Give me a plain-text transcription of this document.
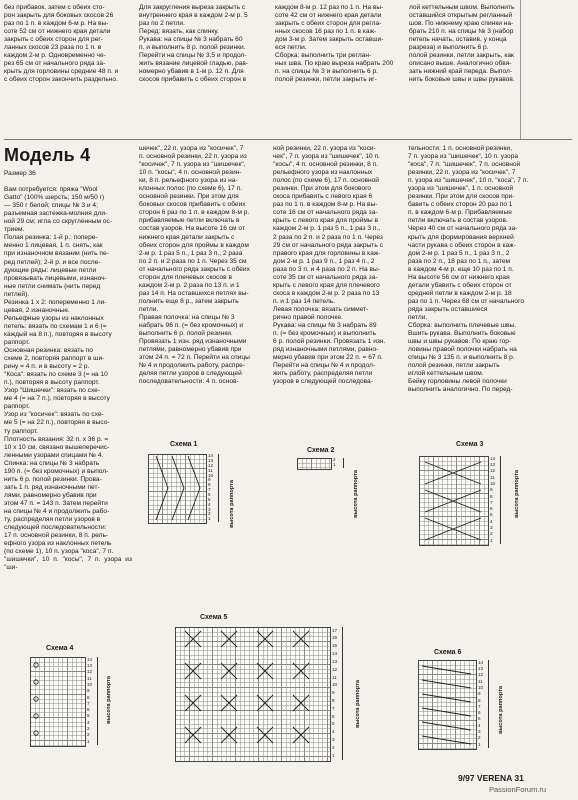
без прибавок, затем с обеих сто-
рон закрыть для боковых скосов 26
раз по 1 п. в каждом 6-м р. На вы-
соте 52 см от нижнего края детали
закрыть с обеих сторон для рег-
ланных скосов 23 раза по 1 п. в
каждом 2-м р. Одновременно че-
рез 65 см от начального ряда за-
крыть для горловины средние 48 п. и
с обеих сторон закончить раздельно.
Для закругления выреза закрыть с
внутреннего края в каждом 2-м р. 5
раз по 2 петли.
Перед: вязать, как спинку.
Рукава: на спицы № 3 набрать 60
п. и выполнить 8 р. полой резинки.
Перейти на спицы № 3,5 и продол-
жить вязание лицевой гладью, рав-
номерно убавив в 1-м р. 12 п. Для
скосов прибавить с обеих сторон в
каждом 8-м р. 12 раз по 1 п. На вы-
соте 42 см от нижнего края детали
закрыть с обеих сторон для регла-
нных скосов 16 раз по 1 п. в каж-
дом 3-м р. Затем закрыть оставши-
еся петли.
Сборка: выполнить три реглан-
ных шва. По краю выреза набрать 200
п. на спицы № 3 и выполнить 6 р.
полой резинки, петли закрыть иг-
лой кеттельным швом. Выполнить
оставшийся открытым регланный
шов. По нижнему краю спинки на-
брать 210 п. на спицы № 3 (набор
петель начать, оставив, у конца
разреза) и выполнить 6 р.
полой резинки, петли закрыть, как
описано выше. Аналогично обвя-
зать нижний край переда. Выпол-
нить боковые швы и швы рукавов.
Модель 4
Размер 36

Вам потребуется: пряжа "Wool
Gatto" (100% шерсть; 150 м/50 г)
— 350 г белой; спицы № 3 и 4;
разъемная застежка-молния дли-
ной 29 см; игла со скругленным ос-
трием.
Полая резинка: 1-й р.: попере-
менно 1 лицевая, 1 п. снять, как
при изнаночном вязании (нить пе-
ред петлей); 2-й р. и все после-
дующие ряды: лицевые петли
провязывать лицевыми, изнаноч-
ные петли снимать (нить перед
петлей).
Резинка 1 х 2: попеременно 1 ли-
цевая, 2 изнаночные.
Рельефные узоры из наклонных
петель: вязать по схемам 1 и 6 (=
каждый на 8 п.), повторяя в высоту
раппорт.
Основная резинка: вязать по
схеме 2, повторяя раппорт в ши-
рину = 4 п. и в высоту = 2 р.
"Коса": вязать по схеме 3 (= на 10
п.), повторяя в высоту раппорт.
Узор "Шишечки": вязать по схе-
ме 4 (= на 7 п.), повторяя в высоту
раппорт.
Узор из "косичек": вязать по схе-
ме 5 (= на 22 п.), повторяя в высо-
ту раппорт.
Плотность вязания: 32 п. х 36 р. =
10 х 10 см, связано вышеперечис-
ленными узорами спицами № 4.
Спинка: на спицы № 3 набрать
190 п. (= без кромочных) и выпол-
нить 6 р. полой резинки. Прова-
зать 1 п. ряд изнаночными пет-
лями, равномерно убавив при
этом 47 п. = 143 п. Затем перейти
на спицы № 4 и продолжить рабо-
ту, распределяя петли узоров в
следующей последовательности:
17 п. основной резинки, 8 п. рель-
ефного узора из наклонных петель
(по схеме 1), 10 п. узора "коса", 7 п.
"шишечки", 10 п. "косы", 7 п. узора из "ши-
шечек", 22 п. узора из "косичек", 7
п. основной резинки, 22 п. узора из
"косичек", 7 п. узора из "шишечек",
10 п. "косы", 4 п. основной резин-
ки, 8 п. рельефного узора из на-
клонных полос (по схеме 6), 17 п.
основной резинки. При этом для
боковых скосов прибавить с обеих
сторон 6 раз по 1 п. в каждом 8-м р.
прибавляемые петли включать в
состав узоров. На высоте 16 см от
нижнего края детали закрыть с
обеих сторон для проймы в каждом
2-м р. 1 раз 5 п., 1 раз 3 п., 2 раза
по 2 п. и 2 раза по 1 п. Через 35 см
от начального ряда закрыть с обеих
сторон для плечевых скосов в
каждом 2-м р. 2 раза по 13 п. и 1
раз 14 п. На оставшихся петлях вы-
полнить еще 8 р., затем закрыть
петли.
Правая полочка: на спицы № 3
набрать 96 п. (= без кромочных) и
выполнить 6 р. полой резинки.
Провязать 1 изн. ряд изнаночными
петлями, равномерно убавив при
этом 24 п. = 72 п. Перейти на спицы
№ 4 и продолжить работу, распре-
деляя петли узоров в следующей
последовательности: 4 п. основ-
ной резинки, 22 п. узора из "коси-
чек", 7 п. узора из "шишечек", 10 п.
"косы", 4 п. основной резинки, 8 п.
рельефного узора из наклонных
полос (по схеме 6), 17 п. основной
резинки. При этом для бокового
скоса прибавить с левого края 6
раз по 1 п. в каждом 8-м р. На вы-
соте 16 см от начального ряда за-
крыть с левого края для проймы в
каждом 2-м р. 1 раз 5 п., 1 раз 3 п.,
2 раза по 2 п. и 2 раза по 1 п. Через
29 см от начального ряда закрыть с
правого края для горловины в каж-
дом 2-м р. 1 раз 9 п., 1 раз 4 п., 2
раза по 3 п. и 4 раза по 2 п. На вы-
соте 35 см от начального ряда за-
крыть с левого края для плечевого
скоса в каждом 2-м р. 2 раза по 13
п. и 1 раз 14 петель.
Левая полочка: вязать симмет-
рично правой полочке.
Рукава: на спицы № 3 набрать 89
п. (= без кромочных) и выполнить
6 р. полой резинки. Провязать 1 изн.
ряд изнаночными петлями, равно-
мерно убавив при этом 22 п. = 67 п.
Перейти на спицы № 4 и продол-
жить работу, распределяя петли
узоров в следующей последова-
тельности: 1 п. основной резинки,
7 п. узора из "шишечек", 10 п. узора
"коса", 7 п. "шишечек", 7 п. основной
резинки, 22 п. узора из "косичек", 7
п. узора из "шишечек", 10 п. "коса", 7 п.
узора из "шишечек", 1 п. основной
резинки. При этом для скосов при-
бавить с обеих сторон 20 раз по 1
п. в каждом 6-м р. Прибавляемые
петли включать в состав узоров.
Через 40 см от начального ряда за-
крыть для формирования верхней
части рукава с обеих сторон в каж-
дом 2-м р. 1 раз 5 п., 1 раз 3 п., 2
раза по 2 п., 18 раз по 1 п., затем
в каждом 4-м р. еще 10 раз по 1 п.
На высоте 56 см от нижнего края
детали убавить с обеих сторон от
средней петли в каждом 2-м р. 18
раз по 1 п. Через 68 см от начального
ряда закрыть оставшиеся
петли.
Сборка: выполнить плечевые швы.
Вшить рукава. Выполнить боковые
швы и швы рукавов. По краю гор-
ловины правой полочки набрать на
спицы № 3 135 п. и выполнить 8 р.
полой резинки, петли закрыть
иглой кеттельным швом.
Бейку горловины левой полочки
выполнить аналогично. По перед-
Схема 1
высота раппорта
Схема 2
высота раппорта
Схема 3
высота раппорта
Схема 4
высота раппорта
Схема 5
высота раппорта
Схема 6
высота раппорта
14
13
12
11
10
9
8
7
6
5
4
3
2
1
2
1
14
13
12
11
10
9
8
7
6
5
4
3
2
1
14
13
12
11
10
9
8
7
6
5
4
3
2
1
17
16
15
14
13
12
11
10
9
8
7
6
5
4
3
2
1
14
13
12
11
10
9
8
7
6
5
4
3
2
1
9/97 VERENA 31
PassionForum.ru
